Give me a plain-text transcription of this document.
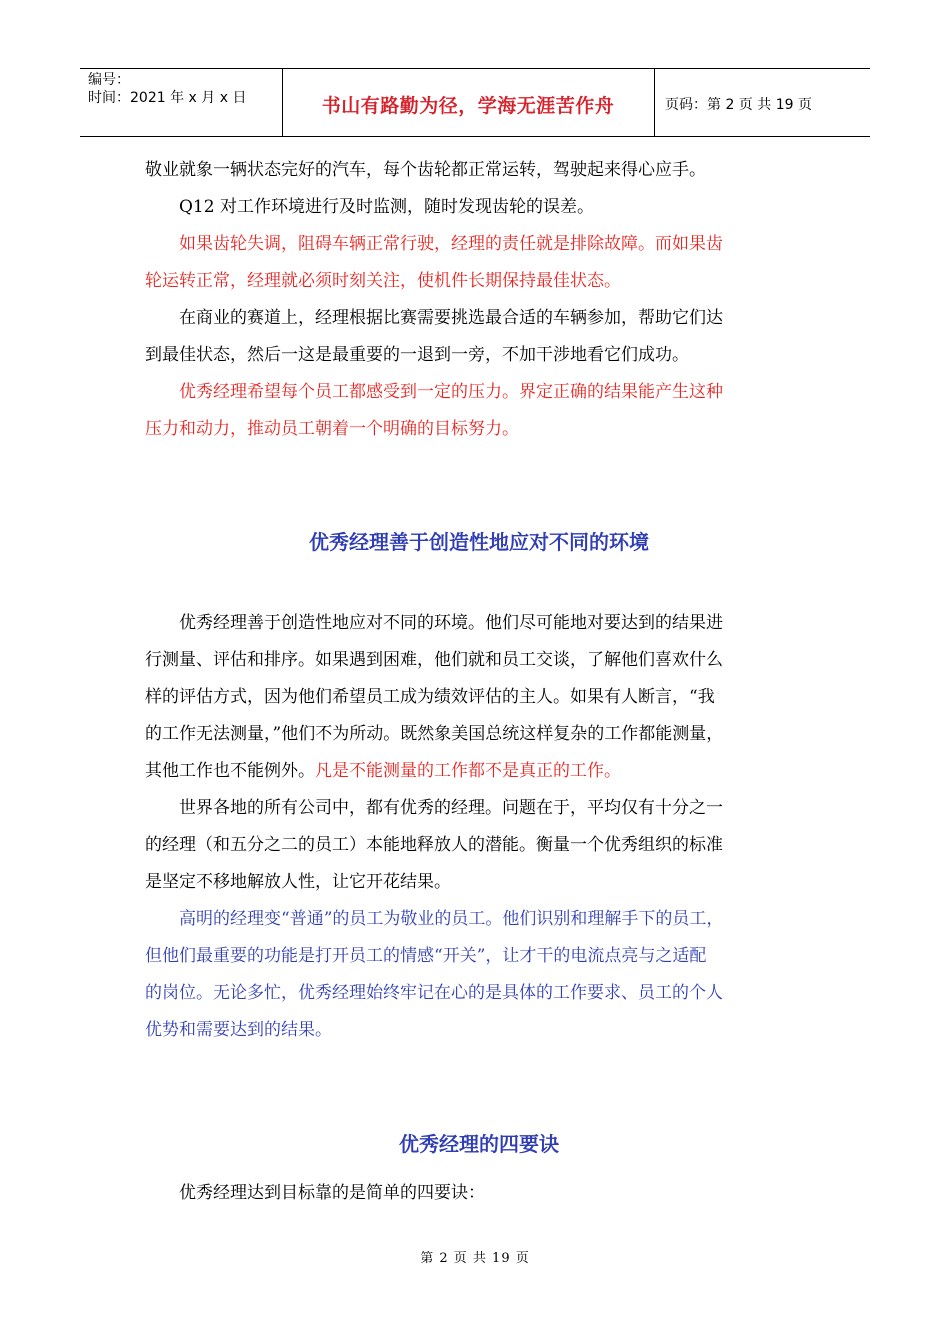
编号：
时间：2021 年 x 月 x 日	书山有路勤为径，学海无涯苦作舟	页码：第 2 页 共 19 页

敬业就象一辆状态完好的汽车，每个齿轮都正常运转，驾驶起来得心应手。

Q12 对工作环境进行及时监测，随时发现齿轮的误差。

如果齿轮失调，阻碍车辆正常行驶，经理的责任就是排除故障。而如果齿

轮运转正常，经理就必须时刻关注，使机件长期保持最佳状态。

在商业的赛道上，经理根据比赛需要挑选最合适的车辆参加，帮助它们达

到最佳状态，然后一这是最重要的一退到一旁，不加干涉地看它们成功。

优秀经理希望每个员工都感受到一定的压力。界定正确的结果能产生这种

压力和动力，推动员工朝着一个明确的目标努力。

优秀经理善于创造性地应对不同的环境

优秀经理善于创造性地应对不同的环境。他们尽可能地对要达到的结果进

行测量、评估和排序。如果遇到困难，他们就和员工交谈，了解他们喜欢什么

样的评估方式，因为他们希望员工成为绩效评估的主人。如果有人断言，“我

的工作无法测量，”他们不为所动。既然象美国总统这样复杂的工作都能测量，

其他工作也不能例外。凡是不能测量的工作都不是真正的工作。

世界各地的所有公司中，都有优秀的经理。问题在于，平均仅有十分之一

的经理（和五分之二的员工）本能地释放人的潜能。衡量一个优秀组织的标准

是坚定不移地解放人性，让它开花结果。

高明的经理变“普通”的员工为敬业的员工。他们识别和理解手下的员工，

但他们最重要的功能是打开员工的情感“开关”，让才干的电流点亮与之适配

的岗位。无论多忙，优秀经理始终牢记在心的是具体的工作要求、员工的个人

优势和需要达到的结果。

优秀经理的四要诀

优秀经理达到目标靠的是简单的四要诀：

第 2 页 共 19 页
